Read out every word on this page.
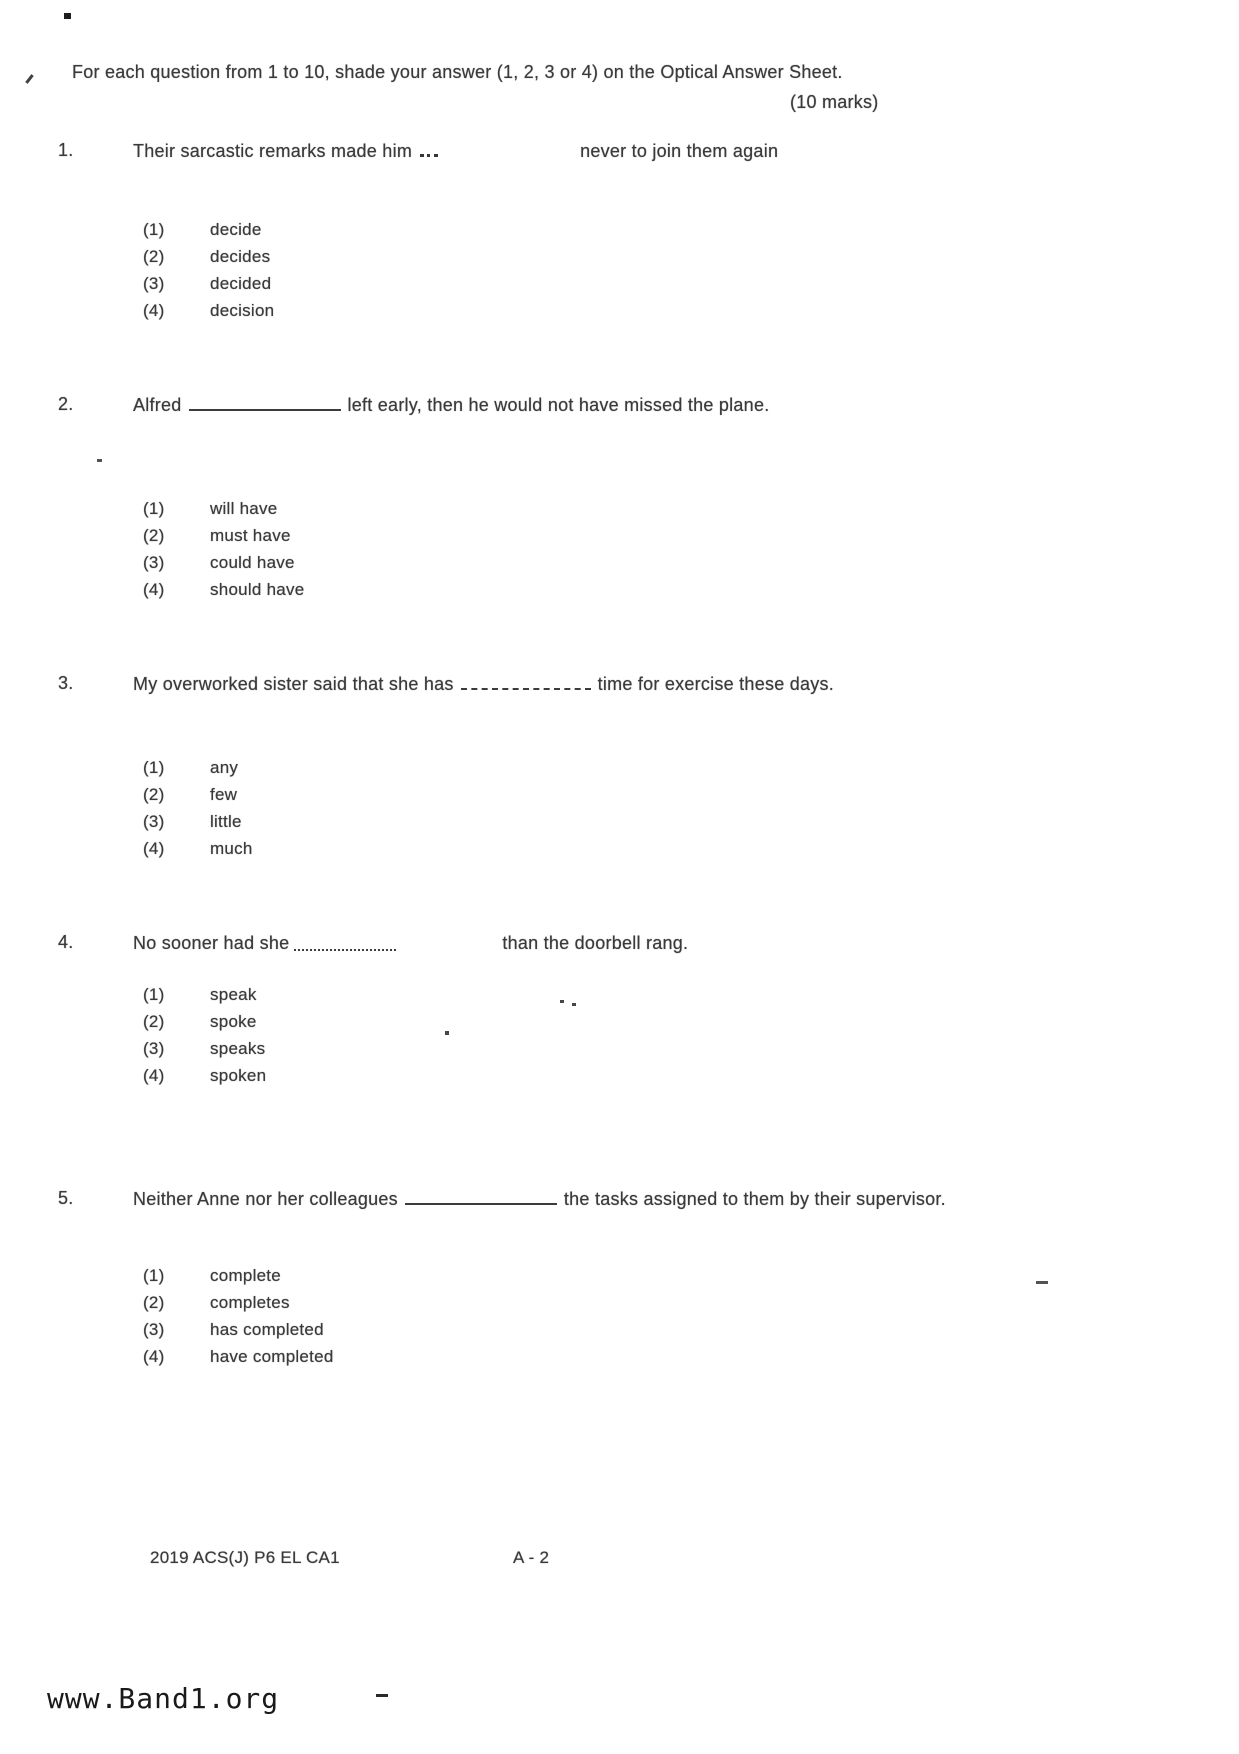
For each question from 1 to 10, shade your answer (1, 2, 3 or 4) on the Optical Answer Sheet.
(10 marks)
1.	Their sarcastic remarks made him	never to join them again
(1)	decide
(2)	decides
(3)	decided
(4)	decision
2.	Alfred	left early, then he would not have missed the plane.
(1)	will have
(2)	must have
(3)	could have
(4)	should have
3.	My overworked sister said that she has	time for exercise these days.
(1)	any
(2)	few
(3)	little
(4)	much
4.	No sooner had she	than the doorbell rang.
(1)	speak
(2)	spoke
(3)	speaks
(4)	spoken
5.	Neither Anne nor her colleagues	the tasks assigned to them by their supervisor.
(1)	complete
(2)	completes
(3)	has completed
(4)	have completed
2019 ACS(J) P6 EL CA1	A - 2
www.Band1.org
